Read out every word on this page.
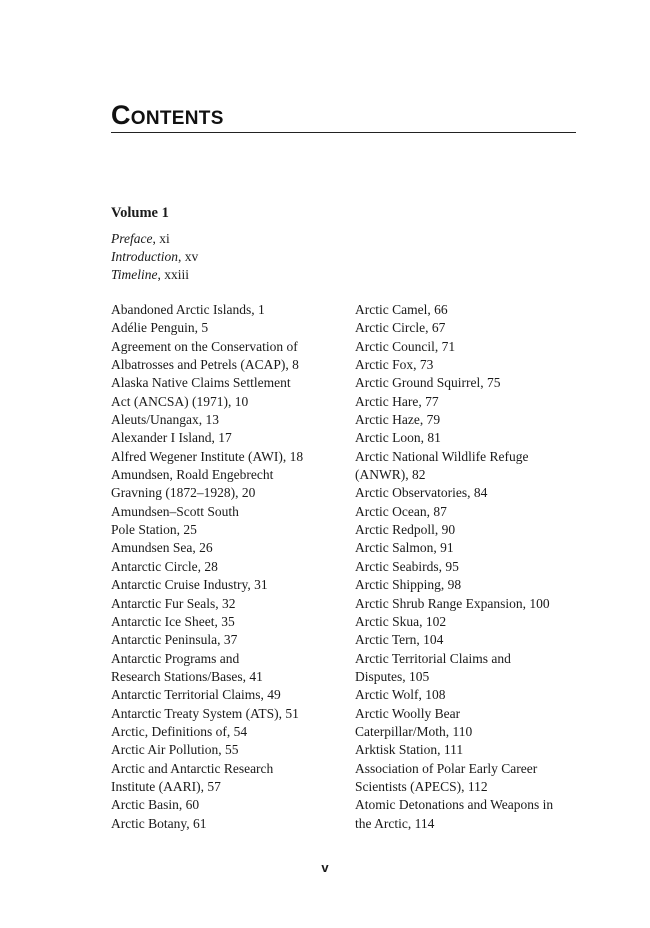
Contents
Volume 1
Preface, xi
Introduction, xv
Timeline, xxiii
Abandoned Arctic Islands, 1
Adélie Penguin, 5
Agreement on the Conservation of
Albatrosses and Petrels (ACAP), 8
Alaska Native Claims Settlement
Act (ANCSA) (1971), 10
Aleuts/Unangax, 13
Alexander I Island, 17
Alfred Wegener Institute (AWI), 18
Amundsen, Roald Engebrecht
Gravning (1872–1928), 20
Amundsen–Scott South
Pole Station, 25
Amundsen Sea, 26
Antarctic Circle, 28
Antarctic Cruise Industry, 31
Antarctic Fur Seals, 32
Antarctic Ice Sheet, 35
Antarctic Peninsula, 37
Antarctic Programs and
Research Stations/Bases, 41
Antarctic Territorial Claims, 49
Antarctic Treaty System (ATS), 51
Arctic, Definitions of, 54
Arctic Air Pollution, 55
Arctic and Antarctic Research
Institute (AARI), 57
Arctic Basin, 60
Arctic Botany, 61
Arctic Camel, 66
Arctic Circle, 67
Arctic Council, 71
Arctic Fox, 73
Arctic Ground Squirrel, 75
Arctic Hare, 77
Arctic Haze, 79
Arctic Loon, 81
Arctic National Wildlife Refuge
(ANWR), 82
Arctic Observatories, 84
Arctic Ocean, 87
Arctic Redpoll, 90
Arctic Salmon, 91
Arctic Seabirds, 95
Arctic Shipping, 98
Arctic Shrub Range Expansion, 100
Arctic Skua, 102
Arctic Tern, 104
Arctic Territorial Claims and
Disputes, 105
Arctic Wolf, 108
Arctic Woolly Bear
Caterpillar/Moth, 110
Arktisk Station, 111
Association of Polar Early Career
Scientists (APECS), 112
Atomic Detonations and Weapons in
the Arctic, 114
v
